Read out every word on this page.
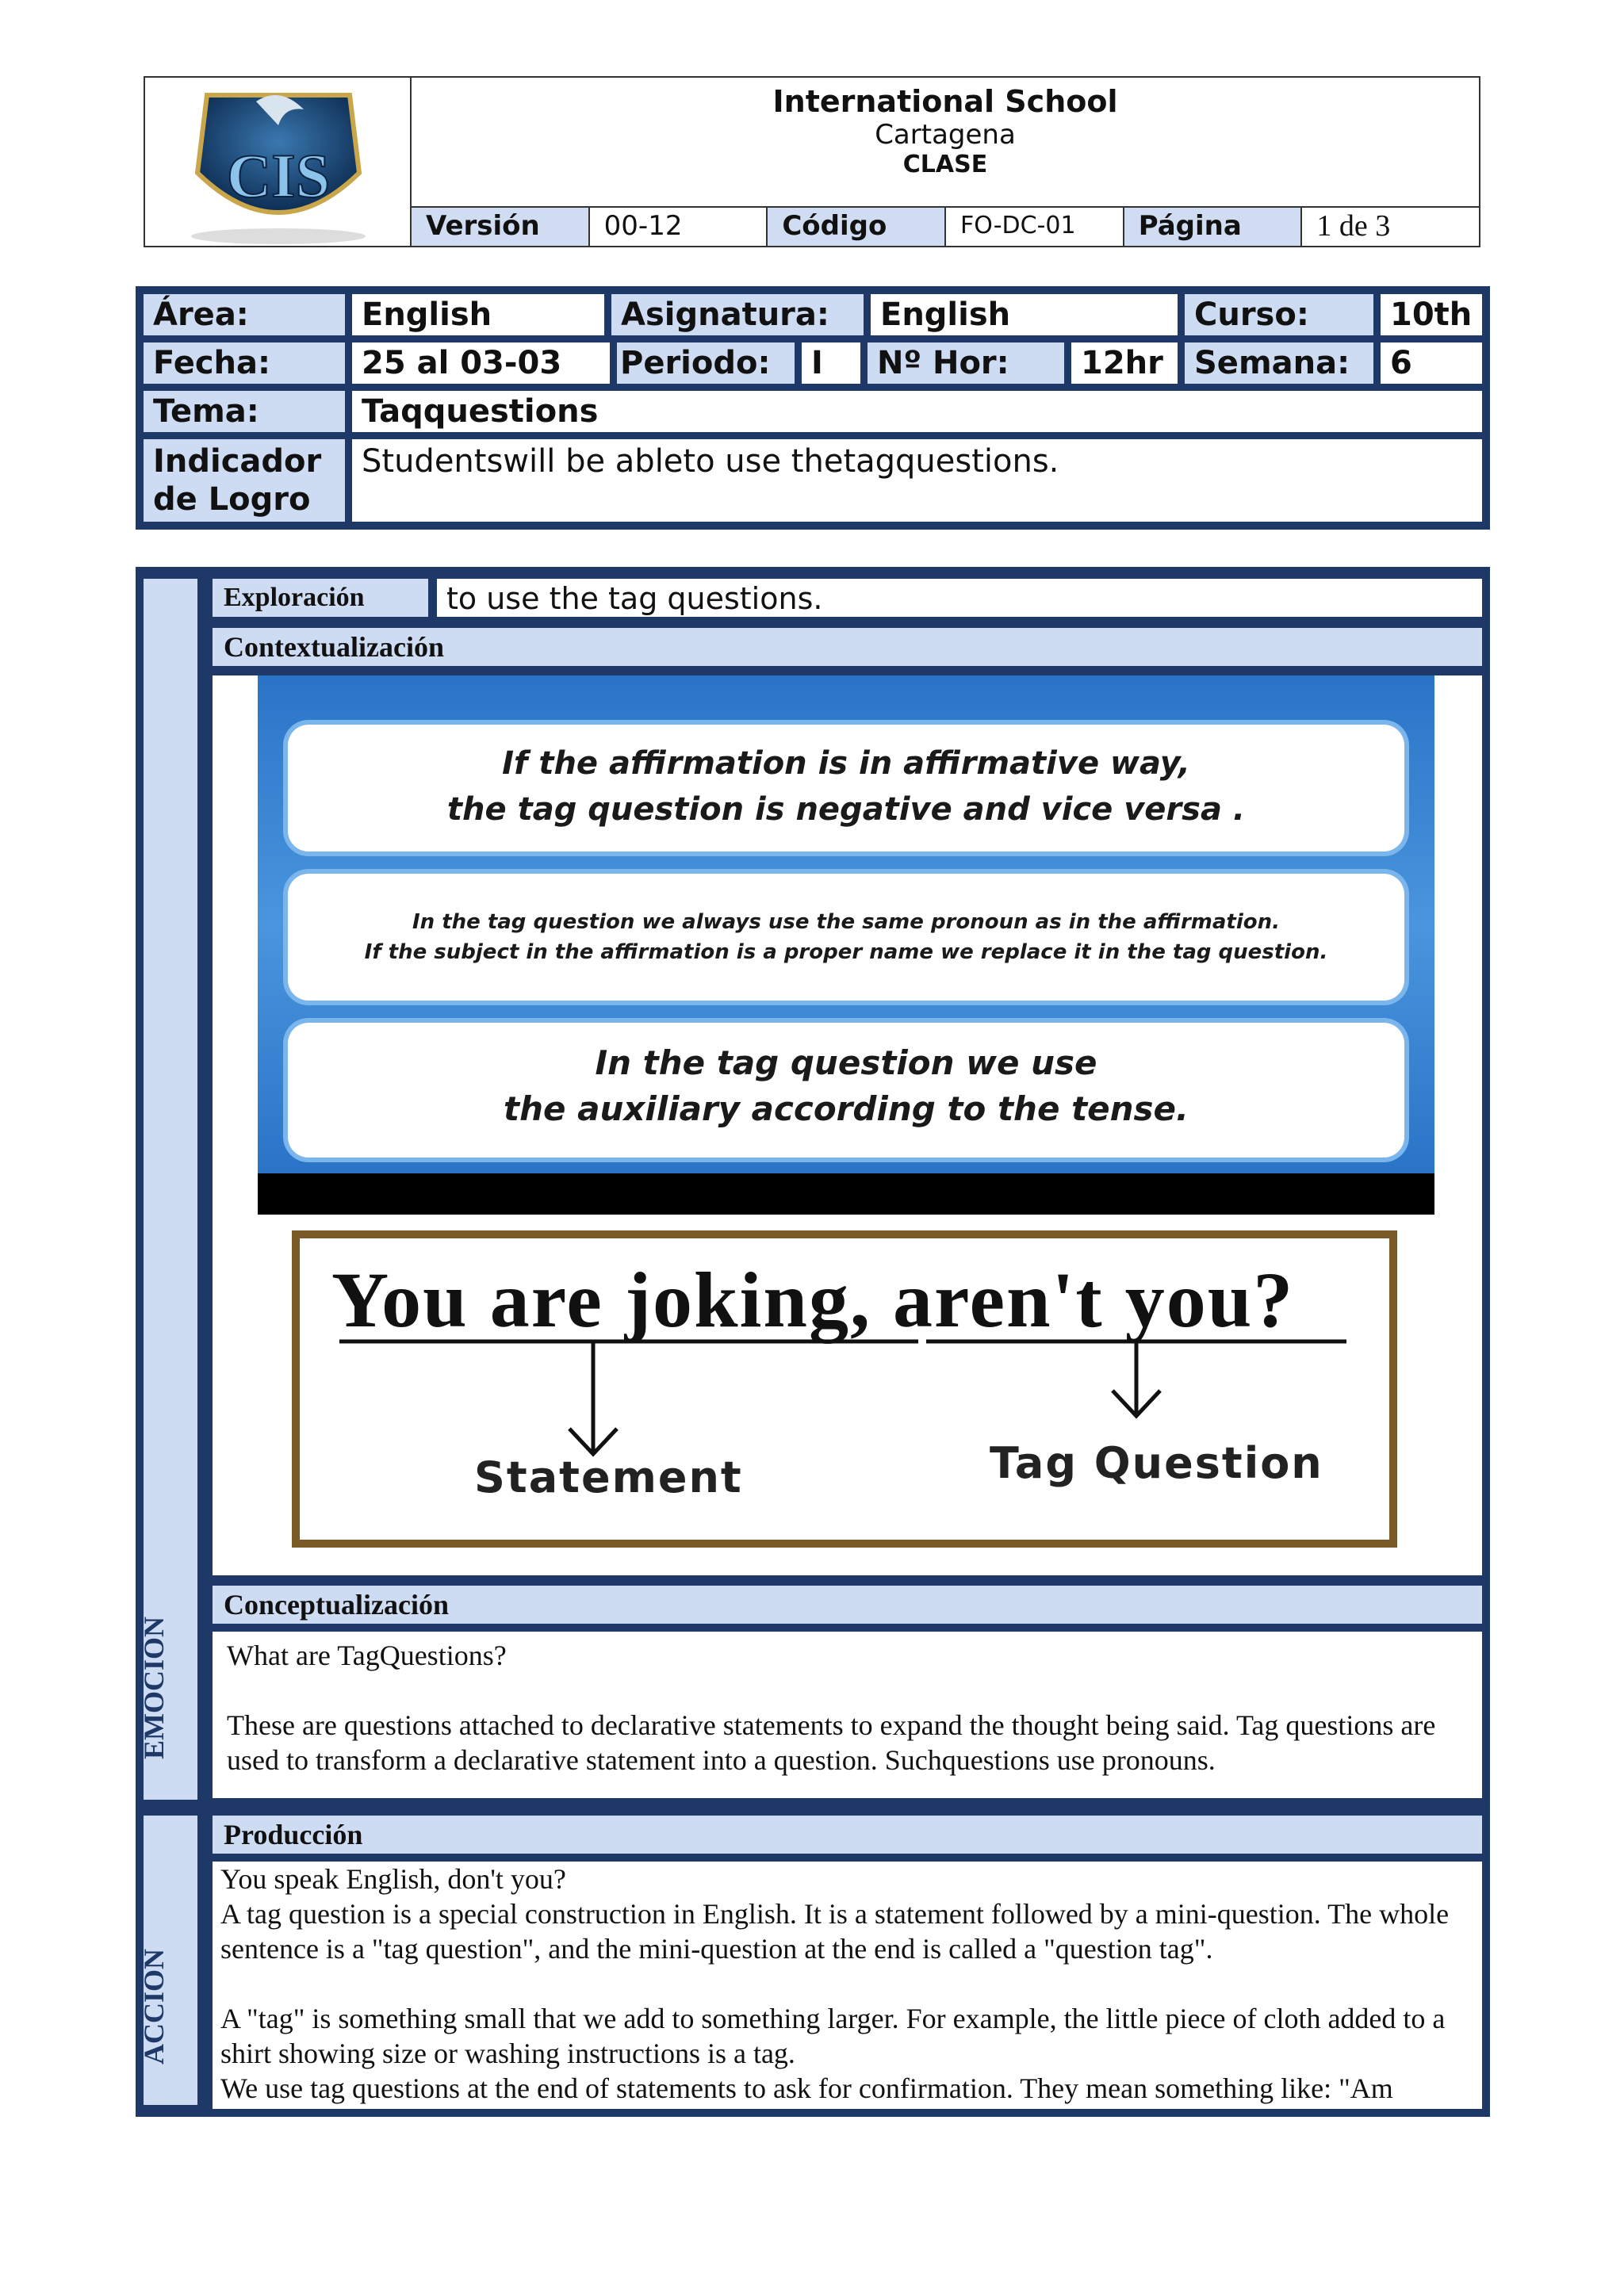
CIS
International School
Cartagena
CLASE
Versión	00-12	Código	FO-DC-01	Página	1 de 3
Área:	English	Asignatura:	English	Curso:	10th
Fecha:	25 al 03-03	Periodo:	I	Nº Hor:	12hr Semana:	6
Tema:	Taqquestions
Indicador
de Logro
Studentswill be ableto use thetagquestions.
EMOCIÓN
ACCIÓN
Exploración	to use the tag questions.
Contextualización
If the affirmation is in affirmative way,
the tag question is negative and vice versa .
In the tag question we always use the same pronoun as in the affirmation.
If the subject in the affirmation is a proper name we replace it in the tag question.
In the tag question we use
the auxiliary according to the tense.
You are joking, aren't you?
Statement	Tag Question
Conceptualización
What are TagQuestions?
These are questions attached to declarative statements to expand the thought being said. Tag questions are used to transform a declarative statement into a question. Suchquestions use pronouns.
Producción
You speak English, don't you?
A tag question is a special construction in English. It is a statement followed by a mini-question. The whole sentence is a "tag question", and the mini-question at the end is called a "question tag".
A "tag" is something small that we add to something larger. For example, the little piece of cloth added to a shirt showing size or washing instructions is a tag.
We use tag questions at the end of statements to ask for confirmation. They mean something like: "Am
